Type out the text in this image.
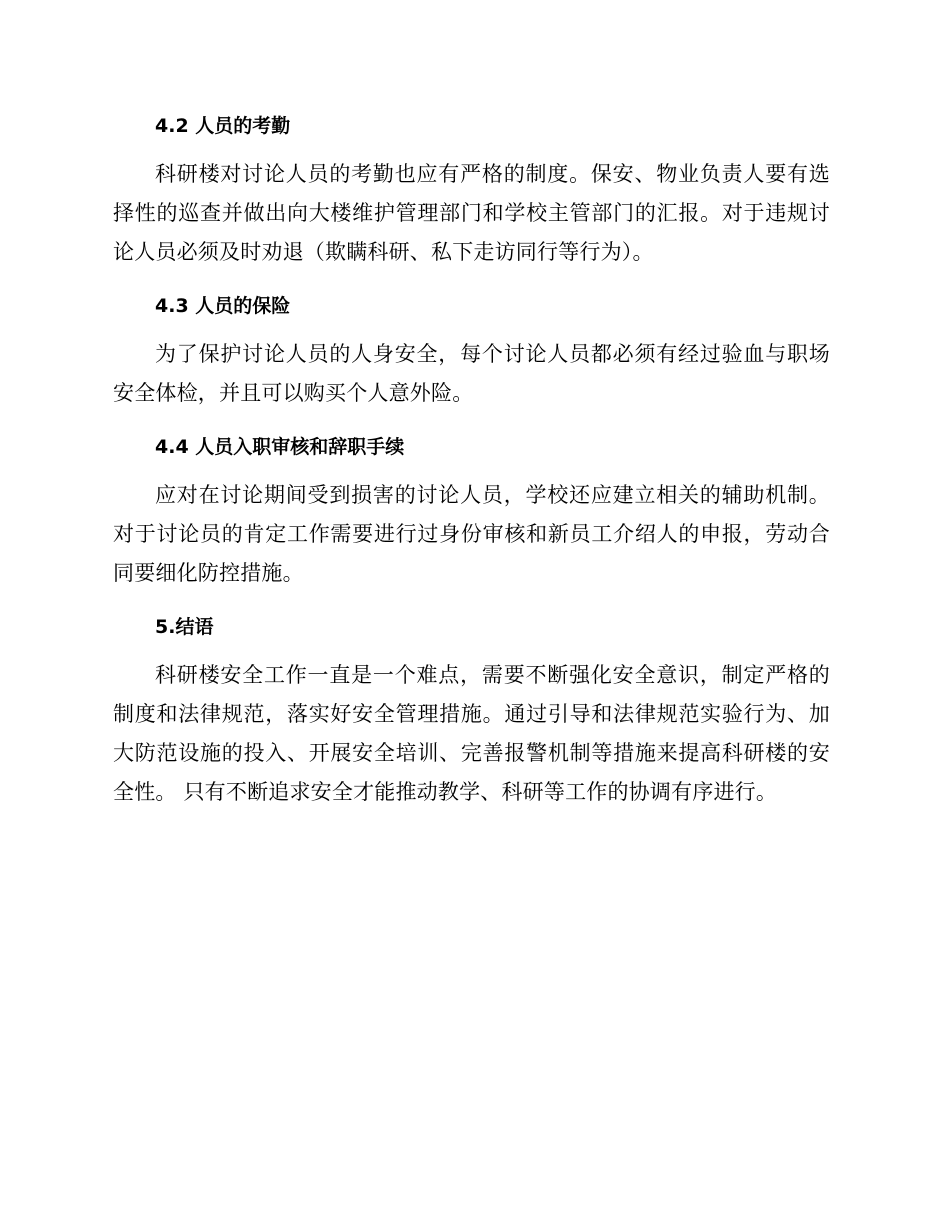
4.2 人员的考勤

科研楼对讨论人员的考勤也应有严格的制度。保安、物业负责人要有选择性的巡查并做出向大楼维护管理部门和学校主管部门的汇报。对于违规讨论人员必须及时劝退（欺瞒科研、私下走访同行等行为）。

4.3 人员的保险

为了保护讨论人员的人身安全，每个讨论人员都必须有经过验血与职场安全体检，并且可以购买个人意外险。

4.4 人员入职审核和辞职手续

应对在讨论期间受到损害的讨论人员，学校还应建立相关的辅助机制。对于讨论员的肯定工作需要进行过身份审核和新员工介绍人的申报，劳动合同要细化防控措施。

5.结语

科研楼安全工作一直是一个难点，需要不断强化安全意识，制定严格的制度和法律规范，落实好安全管理措施。通过引导和法律规范实验行为、加大防范设施的投入、开展安全培训、完善报警机制等措施来提高科研楼的安全性。 只有不断追求安全才能推动教学、科研等工作的协调有序进行。
